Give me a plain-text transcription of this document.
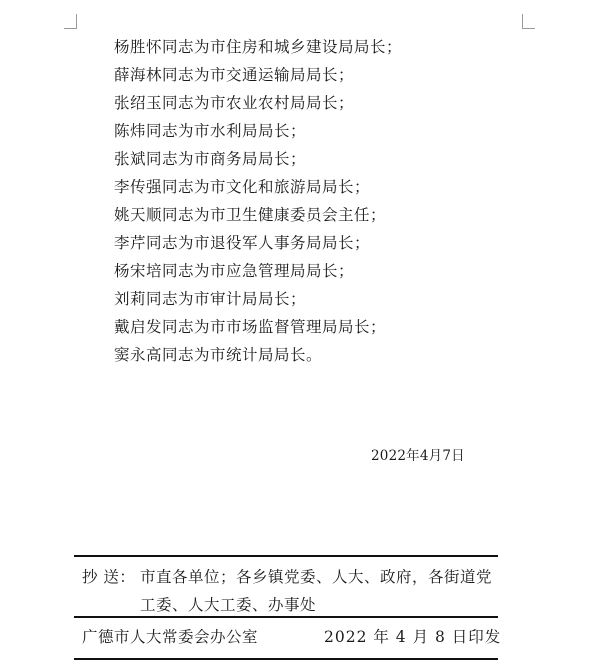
杨胜怀同志为市住房和城乡建设局局长；
薛海林同志为市交通运输局局长；
张绍玉同志为市农业农村局局长；
陈炜同志为市水利局局长；
张斌同志为市商务局局长；
李传强同志为市文化和旅游局局长；
姚天顺同志为市卫生健康委员会主任；
李芹同志为市退役军人事务局局长；
杨宋培同志为市应急管理局局长；
刘莉同志为市审计局局长；
戴启发同志为市市场监督管理局局长；
窦永高同志为市统计局局长。
2022年4月7日
抄 送： 市直各单位；各乡镇党委、人大、政府，各街道党
工委、人大工委、办事处
广德市人大常委会办公室	2022 年 4 月 8 日印发
